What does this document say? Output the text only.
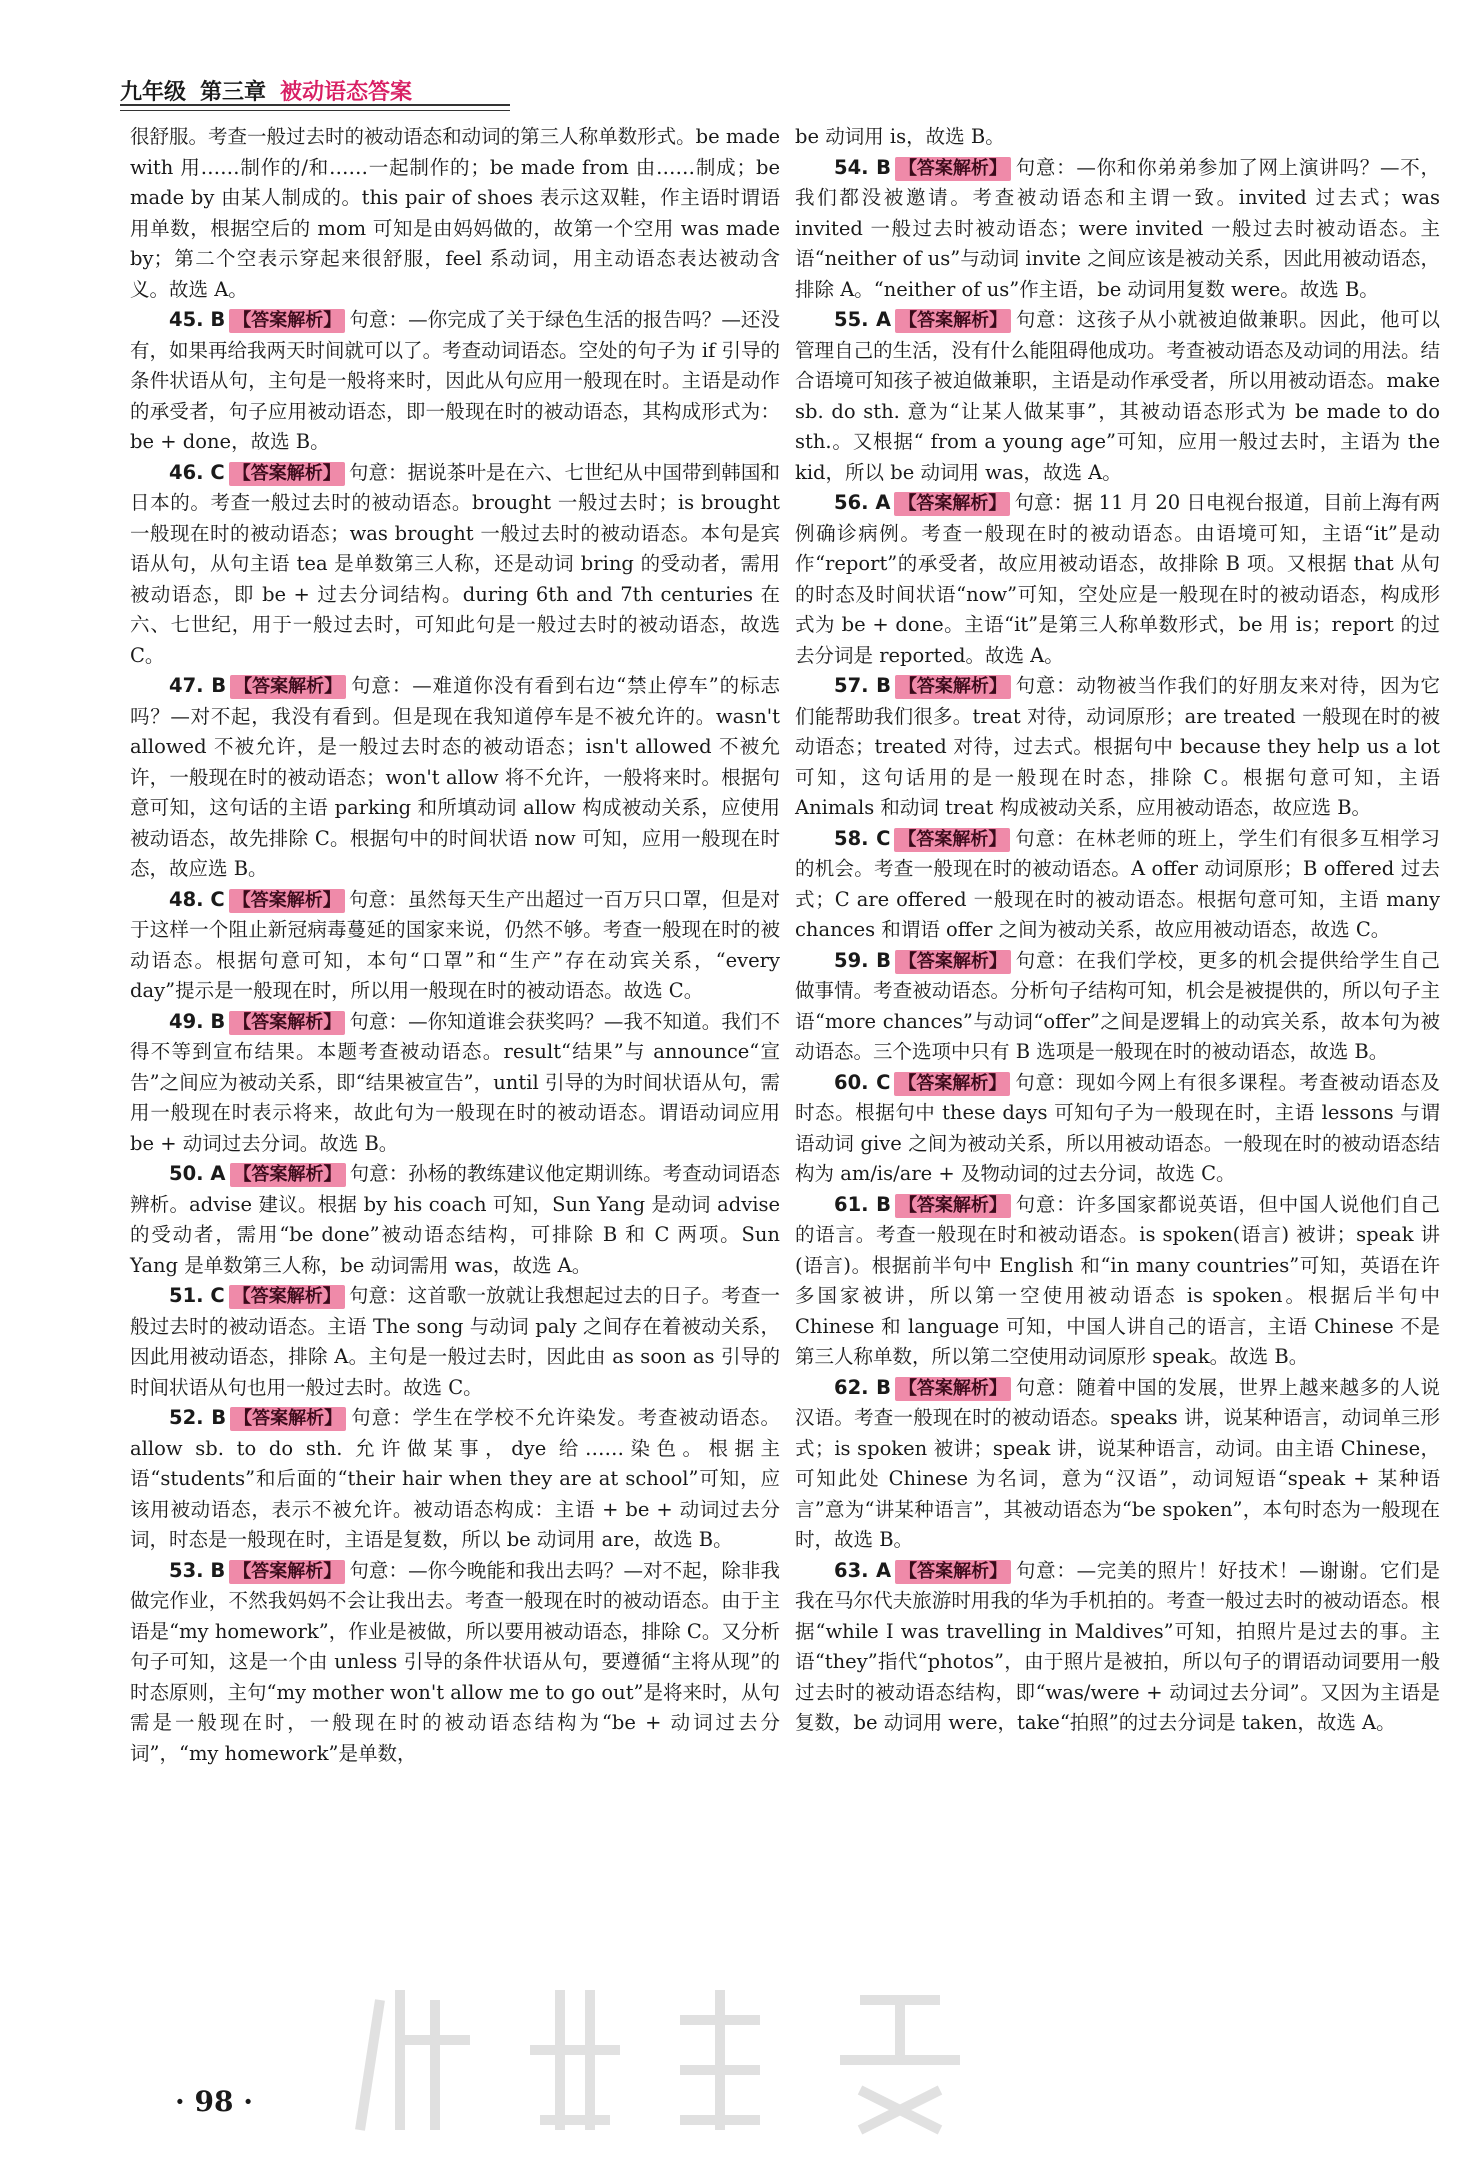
九年级 第三章 被动语态答案

很舒服。考查一般过去时的被动语态和动词的第三人称单数形式。be made with 用……制作的/和……一起制作的；be made from 由……制成；be made by 由某人制成的。this pair of shoes 表示这双鞋，作主语时谓语用单数，根据空后的 mom 可知是由妈妈做的，故第一个空用 was made by；第二个空表示穿起来很舒服，feel 系动词，用主动语态表达被动含义。故选 A。

45. B 【答案解析】 句意：—你完成了关于绿色生活的报告吗？—还没有，如果再给我两天时间就可以了。考查动词语态。空处的句子为 if 引导的条件状语从句，主句是一般将来时，因此从句应用一般现在时。主语是动作的承受者，句子应用被动语态，即一般现在时的被动语态，其构成形式为：be + done，故选 B。

46. C 【答案解析】 句意：据说茶叶是在六、七世纪从中国带到韩国和日本的。考查一般过去时的被动语态。brought 一般过去时；is brought 一般现在时的被动语态；was brought 一般过去时的被动语态。本句是宾语从句，从句主语 tea 是单数第三人称，还是动词 bring 的受动者，需用被动语态，即 be + 过去分词结构。during 6th and 7th centuries 在六、七世纪，用于一般过去时，可知此句是一般过去时的被动语态，故选 C。

47. B 【答案解析】 句意：—难道你没有看到右边“禁止停车”的标志吗？—对不起，我没有看到。但是现在我知道停车是不被允许的。wasn't allowed 不被允许，是一般过去时态的被动语态；isn't allowed 不被允许，一般现在时的被动语态；won't allow 将不允许，一般将来时。根据句意可知，这句话的主语 parking 和所填动词 allow 构成被动关系，应使用被动语态，故先排除 C。根据句中的时间状语 now 可知，应用一般现在时态，故应选 B。

48. C 【答案解析】 句意：虽然每天生产出超过一百万只口罩，但是对于这样一个阻止新冠病毒蔓延的国家来说，仍然不够。考查一般现在时的被动语态。根据句意可知，本句“口罩”和“生产”存在动宾关系，“every day”提示是一般现在时，所以用一般现在时的被动语态。故选 C。

49. B 【答案解析】 句意：—你知道谁会获奖吗？—我不知道。我们不得不等到宣布结果。本题考查被动语态。result“结果”与 announce“宣告”之间应为被动关系，即“结果被宣告”，until 引导的为时间状语从句，需用一般现在时表示将来，故此句为一般现在时的被动语态。谓语动词应用 be + 动词过去分词。故选 B。

50. A 【答案解析】 句意：孙杨的教练建议他定期训练。考查动词语态辨析。advise 建议。根据 by his coach 可知，Sun Yang 是动词 advise 的受动者，需用“be done”被动语态结构，可排除 B 和 C 两项。Sun Yang 是单数第三人称，be 动词需用 was，故选 A。

51. C 【答案解析】 句意：这首歌一放就让我想起过去的日子。考查一般过去时的被动语态。主语 The song 与动词 paly 之间存在着被动关系，因此用被动语态，排除 A。主句是一般过去时，因此由 as soon as 引导的时间状语从句也用一般过去时。故选 C。

52. B 【答案解析】 句意：学生在学校不允许染发。考查被动语态。allow sb. to do sth. 允许做某事，dye 给……染色。根据主语“students”和后面的“their hair when they are at school”可知，应该用被动语态，表示不被允许。被动语态构成：主语 + be + 动词过去分词，时态是一般现在时，主语是复数，所以 be 动词用 are，故选 B。

53. B 【答案解析】 句意：—你今晚能和我出去吗？—对不起，除非我做完作业，不然我妈妈不会让我出去。考查一般现在时的被动语态。由于主语是“my homework”，作业是被做，所以要用被动语态，排除 C。又分析句子可知，这是一个由 unless 引导的条件状语从句，要遵循“主将从现”的时态原则，主句“my mother won't allow me to go out”是将来时，从句需是一般现在时，一般现在时的被动语态结构为“be + 动词过去分词”，“my homework”是单数，

be 动词用 is，故选 B。

54. B 【答案解析】 句意：—你和你弟弟参加了网上演讲吗？—不，我们都没被邀请。考查被动语态和主谓一致。invited 过去式；was invited 一般过去时被动语态；were invited 一般过去时被动语态。主语“neither of us”与动词 invite 之间应该是被动关系，因此用被动语态，排除 A。“neither of us”作主语，be 动词用复数 were。故选 B。

55. A 【答案解析】 句意：这孩子从小就被迫做兼职。因此，他可以管理自己的生活，没有什么能阻碍他成功。考查被动语态及动词的用法。结合语境可知孩子被迫做兼职，主语是动作承受者，所以用被动语态。make sb. do sth. 意为“让某人做某事”，其被动语态形式为 be made to do sth.。又根据“ from a young age”可知，应用一般过去时，主语为 the kid，所以 be 动词用 was，故选 A。

56. A 【答案解析】 句意：据 11 月 20 日电视台报道，目前上海有两例确诊病例。考查一般现在时的被动语态。由语境可知，主语“it”是动作“report”的承受者，故应用被动语态，故排除 B 项。又根据 that 从句的时态及时间状语“now”可知，空处应是一般现在时的被动语态，构成形式为 be + done。主语“it”是第三人称单数形式，be 用 is；report 的过去分词是 reported。故选 A。

57. B 【答案解析】 句意：动物被当作我们的好朋友来对待，因为它们能帮助我们很多。treat 对待，动词原形；are treated 一般现在时的被动语态；treated 对待，过去式。根据句中 because they help us a lot 可知，这句话用的是一般现在时态，排除 C。根据句意可知，主语 Animals 和动词 treat 构成被动关系，应用被动语态，故应选 B。

58. C 【答案解析】 句意：在林老师的班上，学生们有很多互相学习的机会。考查一般现在时的被动语态。A offer 动词原形；B offered 过去式；C are offered 一般现在时的被动语态。根据句意可知，主语 many chances 和谓语 offer 之间为被动关系，故应用被动语态，故选 C。

59. B 【答案解析】 句意：在我们学校，更多的机会提供给学生自己做事情。考查被动语态。分析句子结构可知，机会是被提供的，所以句子主语“more chances”与动词“offer”之间是逻辑上的动宾关系，故本句为被动语态。三个选项中只有 B 选项是一般现在时的被动语态，故选 B。

60. C 【答案解析】 句意：现如今网上有很多课程。考查被动语态及时态。根据句中 these days 可知句子为一般现在时，主语 lessons 与谓语动词 give 之间为被动关系，所以用被动语态。一般现在时的被动语态结构为 am/is/are + 及物动词的过去分词，故选 C。

61. B 【答案解析】 句意：许多国家都说英语，但中国人说他们自己的语言。考查一般现在时和被动语态。is spoken(语言) 被讲；speak 讲(语言)。根据前半句中 English 和“in many countries”可知，英语在许多国家被讲，所以第一空使用被动语态 is spoken。根据后半句中 Chinese 和 language 可知，中国人讲自己的语言，主语 Chinese 不是第三人称单数，所以第二空使用动词原形 speak。故选 B。

62. B 【答案解析】 句意：随着中国的发展，世界上越来越多的人说汉语。考查一般现在时的被动语态。speaks 讲，说某种语言，动词单三形式；is spoken 被讲；speak 讲，说某种语言，动词。由主语 Chinese，可知此处 Chinese 为名词，意为“汉语”，动词短语“speak + 某种语言”意为“讲某种语言”，其被动语态为“be spoken”，本句时态为一般现在时，故选 B。

63. A 【答案解析】 句意：—完美的照片！好技术！—谢谢。它们是我在马尔代夫旅游时用我的华为手机拍的。考查一般过去时的被动语态。根据“while I was travelling in Maldives”可知，拍照片是过去的事。主语“they”指代“photos”，由于照片是被拍，所以句子的谓语动词要用一般过去时的被动语态结构，即“was/were + 动词过去分词”。又因为主语是复数，be 动词用 were，take“拍照”的过去分词是 taken，故选 A。

· 98 ·
